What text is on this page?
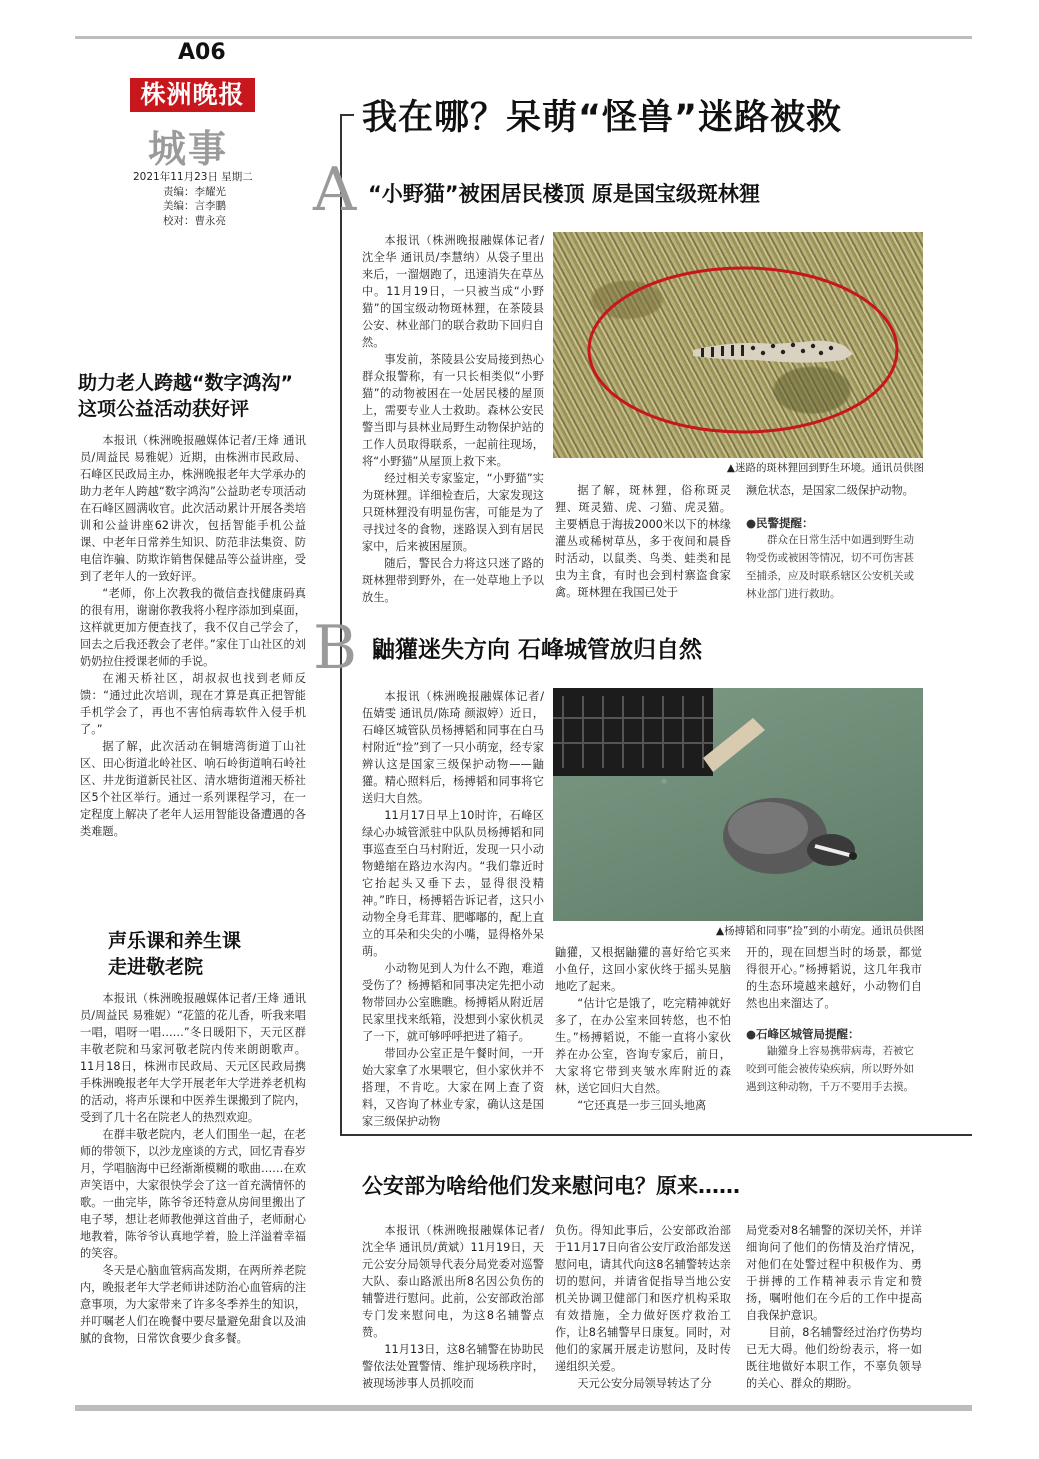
A06
株洲晚报
城事
2021年11月23日 星期二
责编：李耀光
美编：言李鹏
校对：曹永亮
我在哪？呆萌“怪兽”迷路被救
A “小野猫”被困居民楼顶 原是国宝级斑林狸

本报讯（株洲晚报融媒体记者/沈全华 通讯员/李慧纳）从袋子里出来后，一溜烟跑了，迅速消失在草丛中。11月19日，一只被当成“小野猫”的国宝级动物斑林狸，在茶陵县公安、林业部门的联合救助下回归自然。

事发前，茶陵县公安局接到热心群众报警称，有一只长相类似“小野猫”的动物被困在一处居民楼的屋顶上，需要专业人士救助。森林公安民警当即与县林业局野生动物保护站的工作人员取得联系，一起前往现场，将“小野猫”从屋顶上救下来。

经过相关专家鉴定，“小野猫”实为斑林狸。详细检查后，大家发现这只斑林狸没有明显伤害，可能是为了寻找过冬的食物，迷路误入到有居民家中，后来被困屋顶。

随后，警民合力将这只迷了路的斑林狸带到野外，在一处草地上予以放生。

▲迷路的斑林狸回到野生环境。通讯员供图

据了解，斑林狸，俗称斑灵狸、斑灵猫、虎、刁猫、虎灵猫。主要栖息于海拔2000米以下的林缘灌丛或稀树草丛，多于夜间和晨昏时活动，以鼠类、鸟类、蛙类和昆虫为主食，有时也会到村寨盗食家禽。斑林狸在我国已处于

濒危状态，是国家二级保护动物。
●民警提醒：

群众在日常生活中如遇到野生动物受伤或被困等情况，切不可伤害甚至捕杀，应及时联系辖区公安机关或林业部门进行救助。

B 鼬獾迷失方向 石峰城管放归自然

本报讯（株洲晚报融媒体记者/伍婧雯 通讯员/陈琦 颜淑婷）近日，石峰区城管队员杨搏韬和同事在白马村附近“捡”到了一只小萌宠，经专家辨认这是国家三级保护动物——鼬獾。精心照料后，杨搏韬和同事将它送归大自然。

11月17日早上10时许，石峰区绿心办城管派驻中队队员杨搏韬和同事巡查至白马村附近，发现一只小动物蜷缩在路边水沟内。“我们靠近时它抬起头又垂下去，显得很没精神。”昨日，杨搏韬告诉记者，这只小动物全身毛茸茸、肥嘟嘟的，配上直立的耳朵和尖尖的小嘴，显得格外呆萌。

小动物见到人为什么不跑，难道受伤了？杨搏韬和同事决定先把小动物带回办公室瞧瞧。杨搏韬从附近居民家里找来纸箱，没想到小家伙机灵了一下，就可够呼呼把进了箱子。

带回办公室正是午餐时间，一开始大家拿了水果喂它，但小家伙并不搭理，不肯吃。大家在网上查了资料，又咨询了林业专家，确认这是国家三级保护动物

▲杨搏韬和同事“捡”到的小萌宠。通讯员供图

鼬獾，又根据鼬獾的喜好给它买来小鱼仔，这回小家伙终于摇头晃脑地吃了起来。

“估计它是饿了，吃完精神就好多了，在办公室来回转悠，也不怕生。”杨搏韬说，不能一直将小家伙养在办公室，咨询专家后，前日，大家将它带到夹皱水库附近的森林，送它回归大自然。

“它还真是一步三回头地离

开的，现在回想当时的场景，都觉得很开心。”杨搏韬说，这几年我市的生态环境越来越好，小动物们自然也出来溜达了。
●石峰区城管局提醒：

鼬獾身上容易携带病毒，若被它咬到可能会被传染疾病，所以野外如遇到这种动物，千万不要用手去摸。

助力老人跨越“数字鸿沟”
这项公益活动获好评

本报讯（株洲晚报融媒体记者/王烽 通讯员/周益民 易雅妮）近期，由株洲市民政局、石峰区民政局主办，株洲晚报老年大学承办的助力老年人跨越“数字鸿沟”公益助老专项活动在石峰区圆满收官。此次活动累计开展各类培训和公益讲座62讲次，包括智能手机公益课、中老年日常养生知识、防范非法集资、防电信诈骗、防欺诈销售保健品等公益讲座，受到了老年人的一致好评。

“老师，你上次教我的微信查找健康码真的很有用，谢谢你教我将小程序添加到桌面，这样就更加方便查找了，我不仅自己学会了，回去之后我还教会了老伴。”家住丁山社区的刘奶奶拉住授课老师的手说。

在湘天桥社区，胡叔叔也找到老师反馈：“通过此次培训，现在才算是真正把智能手机学会了，再也不害怕病毒软件入侵手机了。”

据了解，此次活动在铜塘湾街道丁山社区、田心街道北岭社区、响石岭街道响石岭社区、井龙街道新民社区、清水塘街道湘天桥社区5个社区举行。通过一系列课程学习，在一定程度上解决了老年人运用智能设备遭遇的各类难题。

声乐课和养生课
走进敬老院

本报讯（株洲晚报融媒体记者/王烽 通讯员/周益民 易雅妮）“花篮的花儿香，听我来唱一唱，唱呀一唱……”冬日暖阳下，天元区群丰敬老院和马家河敬老院内传来朗朗歌声。11月18日，株洲市民政局、天元区民政局携手株洲晚报老年大学开展老年大学进养老机构的活动，将声乐课和中医养生课搬到了院内，受到了几十名在院老人的热烈欢迎。

在群丰敬老院内，老人们围坐一起，在老师的带领下，以沙龙座谈的方式，回忆青春岁月，学唱脑海中已经渐渐模糊的歌曲……在欢声笑语中，大家很快学会了这一首充满情怀的歌。一曲完毕，陈爷爷还特意从房间里搬出了电子琴，想让老师教他弹这首曲子，老师耐心地教着，陈爷爷认真地学着，脸上洋溢着幸福的笑容。

冬天是心脑血管病高发期，在两所养老院内，晚报老年大学老师讲述防治心血管病的注意事项，为大家带来了许多冬季养生的知识，并叮嘱老人们在晚餐中要尽量避免甜食以及油腻的食物，日常饮食要少食多餐。

公安部为啥给他们发来慰问电？原来……

本报讯（株洲晚报融媒体记者/沈全华 通讯员/黄斌）11月19日，天元公安分局领导代表分局党委对巡警大队、泰山路派出所8名因公负伤的辅警进行慰问。此前，公安部政治部专门发来慰问电，为这8名辅警点赞。

11月13日，这8名辅警在协助民警依法处置警情、维护现场秩序时，被现场涉事人员抓咬而

负伤。得知此事后，公安部政治部于11月17日向省公安厅政治部发送慰问电，请其代向这8名辅警转达亲切的慰问，并请省促指导当地公安机关协调卫健部门和医疗机构采取有效措施，全力做好医疗救治工作，让8名辅警早日康复。同时，对他们的家属开展走访慰问，及时传递组织关爱。

天元公安分局领导转达了分

局党委对8名辅警的深切关怀，并详细询问了他们的伤情及治疗情况，对他们在处警过程中积极作为、勇于拼搏的工作精神表示肯定和赞扬，嘱咐他们在今后的工作中提高自我保护意识。

目前，8名辅警经过治疗伤势均已无大碍。他们纷纷表示，将一如既往地做好本职工作，不辜负领导的关心、群众的期盼。
